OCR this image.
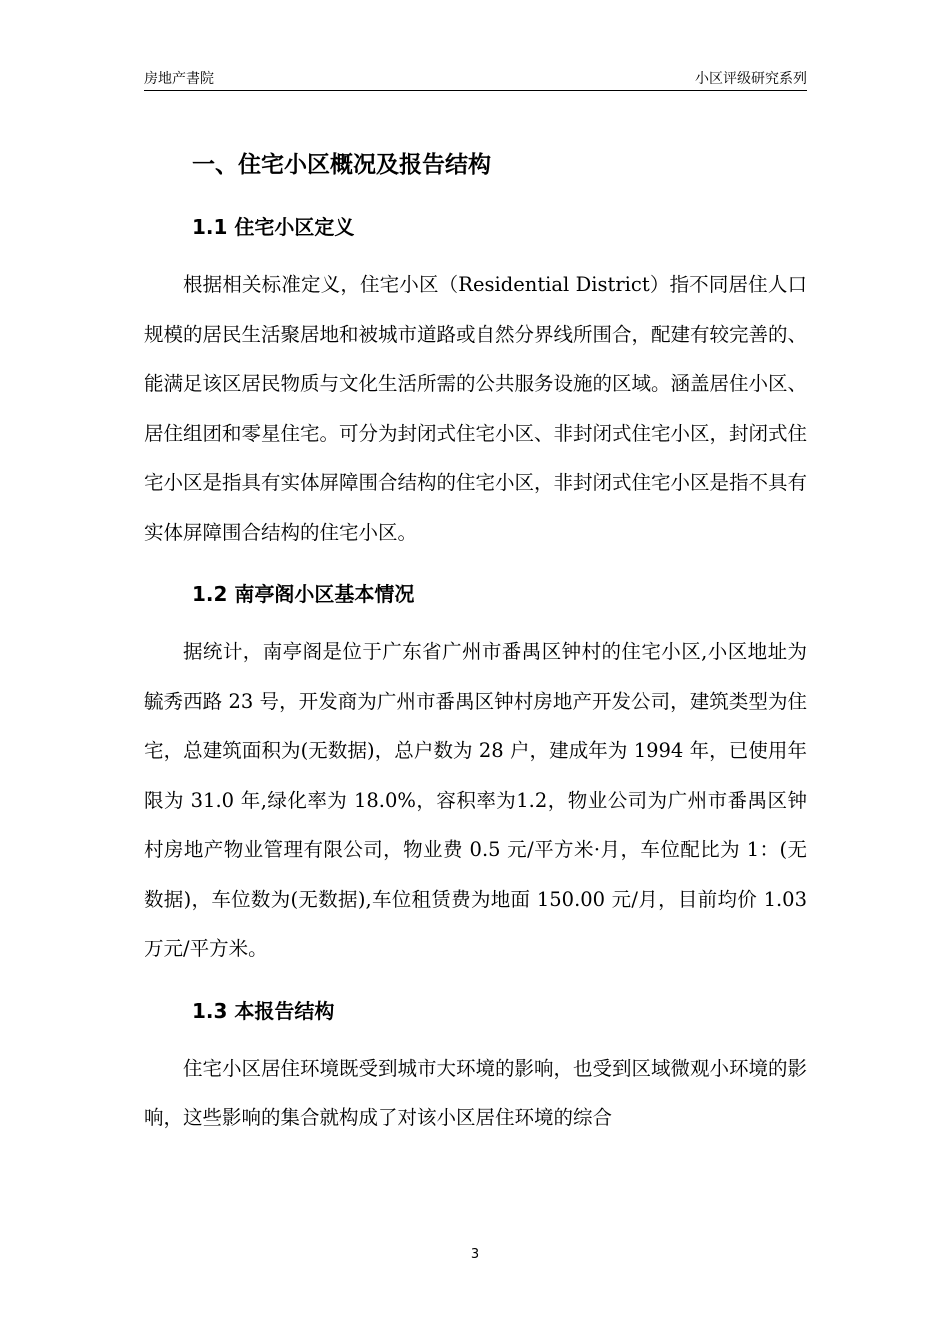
房地产書院	小区评级研究系列
一、住宅小区概况及报告结构
1.1 住宅小区定义

根据相关标准定义，住宅小区（Residential District）指不同居住人口规模的居民生活聚居地和被城市道路或自然分界线所围合，配建有较完善的、能满足该区居民物质与文化生活所需的公共服务设施的区域。涵盖居住小区、居住组团和零星住宅。可分为封闭式住宅小区、非封闭式住宅小区，封闭式住宅小区是指具有实体屏障围合结构的住宅小区，非封闭式住宅小区是指不具有实体屏障围合结构的住宅小区。

1.2 南亭阁小区基本情况

据统计，南亭阁是位于广东省广州市番禺区钟村的住宅小区,小区地址为毓秀西路 23 号，开发商为广州市番禺区钟村房地产开发公司，建筑类型为住宅，总建筑面积为(无数据)，总户数为 28 户，建成年为 1994 年，已使用年限为 31.0 年,绿化率为 18.0%，容积率为1.2，物业公司为广州市番禺区钟村房地产物业管理有限公司，物业费 0.5 元/平方米·月，车位配比为 1：(无数据)，车位数为(无数据),车位租赁费为地面 150.00 元/月，目前均价 1.03 万元/平方米。

1.3 本报告结构

住宅小区居住环境既受到城市大环境的影响，也受到区域微观小环境的影响，这些影响的集合就构成了对该小区居住环境的综合

3
